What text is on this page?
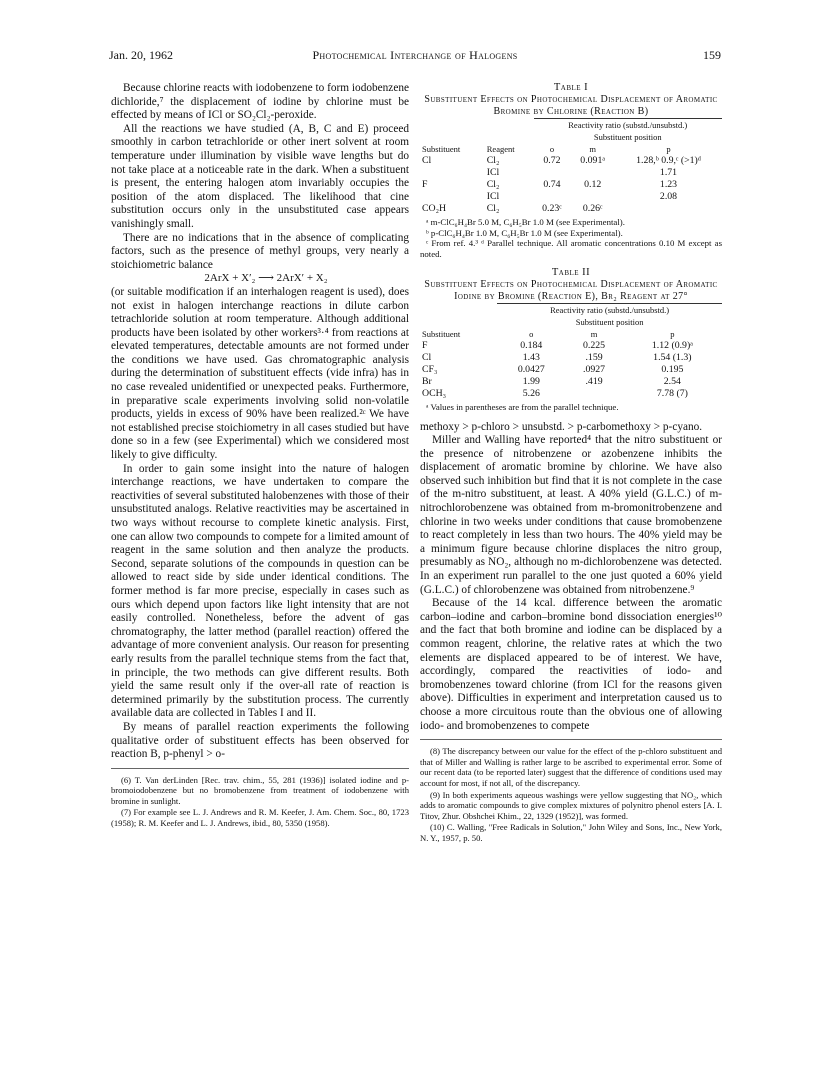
Jan. 20, 1962	Photochemical Interchange of Halogens	159

Because chlorine reacts with iodobenzene to form iodobenzene dichloride,⁷ the displacement of iodine by chlorine must be effected by means of ICl or SO₂Cl₂-peroxide.

All the reactions we have studied (A, B, C and E) proceed smoothly in carbon tetrachloride or other inert solvent at room temperature under illumination by visible wave lengths but do not take place at a noticeable rate in the dark. When a substituent is present, the entering halogen atom invariably occupies the position of the atom displaced. The likelihood that cine substitution occurs only in the unsubstituted case appears vanishingly small.

There are no indications that in the absence of complicating factors, such as the presence of methyl groups, very nearly a stoichiometric balance

2ArX + X′₂ ⟶ 2ArX′ + X₂

(or suitable modification if an interhalogen reagent is used), does not exist in halogen interchange reactions in dilute carbon tetrachloride solution at room temperature. Although additional products have been isolated by other workers³·⁴ from reactions at elevated temperatures, detectable amounts are not formed under the conditions we have used. Gas chromatographic analysis during the determination of substituent effects (vide infra) has in no case revealed unidentified or unexpected peaks. Furthermore, in preparative scale experiments involving solid non-volatile products, yields in excess of 90% have been realized.²ᶜ We have not established precise stoichiometry in all cases studied but have done so in a few (see Experimental) which we considered most likely to give difficulty.

In order to gain some insight into the nature of halogen interchange reactions, we have undertaken to compare the reactivities of several substituted halobenzenes with those of their unsubstituted analogs. Relative reactivities may be ascertained in two ways without recourse to complete kinetic analysis. First, one can allow two compounds to compete for a limited amount of reagent in the same solution and then analyze the products. Second, separate solutions of the compounds in question can be allowed to react side by side under identical conditions. The former method is far more precise, especially in cases such as ours which depend upon factors like light intensity that are not easily controlled. Nonetheless, before the advent of gas chromatography, the latter method (parallel reaction) offered the advantage of more convenient analysis. Our reason for presenting early results from the parallel technique stems from the fact that, in principle, the two methods can give different results. Both yield the same result only if the over-all rate of reaction is determined primarily by the substitution process. The currently available data are collected in Tables I and II.

By means of parallel reaction experiments the following qualitative order of substituent effects has been observed for reaction B, p-phenyl > o-

(6) T. Van derLinden [Rec. trav. chim., 55, 281 (1936)] isolated iodine and p-bromoiodobenzene but no bromobenzene from treatment of iodobenzene with bromine in sunlight.

(7) For example see L. J. Andrews and R. M. Keefer, J. Am. Chem. Soc., 80, 1723 (1958); R. M. Keefer and L. J. Andrews, ibid., 80, 5350 (1958).

Table I
Substituent Effects on Photochemical Displacement of Aromatic Bromine by Chlorine (Reaction B)
		Reactivity ratio (substd./unsubstd.)		
		Substituent position		
Substituent	Reagent	o	m	p
Cl	Cl₂	0.72	0.091ᵃ	1.28,ᵇ 0.9,ᶜ (>1)ᵈ
	ICl			1.71
F	Cl₂	0.74	0.12	1.23
	ICl			2.08
CO₂H	Cl₂	0.23ᶜ	0.26ᶜ	

ᵃ m-ClC₆H₄Br 5.0 M, C₆H₅Br 1.0 M (see Experimental).

ᵇ p-ClC₆H₄Br 1.0 M, C₆H₅Br 1.0 M (see Experimental).

ᶜ From ref. 4.³ ᵈ Parallel technique. All aromatic concentrations 0.10 M except as noted.

Table II
Substituent Effects on Photochemical Displacement of Aromatic Iodine by Bromine (Reaction E), Br₂ Reagent at 27°
	Reactivity ratio (substd./unsubstd.)		
	Substituent position		
Substituent	o	m	p
F	0.184	0.225	1.12 (0.9)ᵃ
Cl	1.43	.159	1.54 (1.3)
CF₃	0.0427	.0927	0.195
Br	1.99	.419	2.54
OCH₃	5.26		7.78 (7)

ᵃ Values in parentheses are from the parallel technique.

methoxy > p-chloro > unsubstd. > p-carbomethoxy > p-cyano.

Miller and Walling have reported⁴ that the nitro substituent or the presence of nitrobenzene or azobenzene inhibits the displacement of aromatic bromine by chlorine. We have also observed such inhibition but find that it is not complete in the case of the m-nitro substituent, at least. A 40% yield (G.L.C.) of m-nitrochlorobenzene was obtained from m-bromonitrobenzene and chlorine in two weeks under conditions that cause bromobenzene to react completely in less than two hours. The 40% yield may be a minimum figure because chlorine displaces the nitro group, presumably as NO₂, although no m-dichlorobenzene was detected. In an experiment run parallel to the one just quoted a 60% yield (G.L.C.) of chlorobenzene was obtained from nitrobenzene.⁹

Because of the 14 kcal. difference between the aromatic carbon–iodine and carbon–bromine bond dissociation energies¹⁰ and the fact that both bromine and iodine can be displaced by a common reagent, chlorine, the relative rates at which the two elements are displaced appeared to be of interest. We have, accordingly, compared the reactivities of iodo- and bromobenzenes toward chlorine (from ICl for the reasons given above). Difficulties in experiment and interpretation caused us to choose a more circuitous route than the obvious one of allowing iodo- and bromobenzenes to compete

(8) The discrepancy between our value for the effect of the p-chloro substituent and that of Miller and Walling is rather large to be ascribed to experimental error. Some of our recent data (to be reported later) suggest that the difference of conditions used may account for most, if not all, of the discrepancy.

(9) In both experiments aqueous washings were yellow suggesting that NO₂, which adds to aromatic compounds to give complex mixtures of polynitro phenol esters [A. I. Titov, Zhur. Obshchei Khim., 22, 1329 (1952)], was formed.

(10) C. Walling, "Free Radicals in Solution," John Wiley and Sons, Inc., New York, N. Y., 1957, p. 50.
